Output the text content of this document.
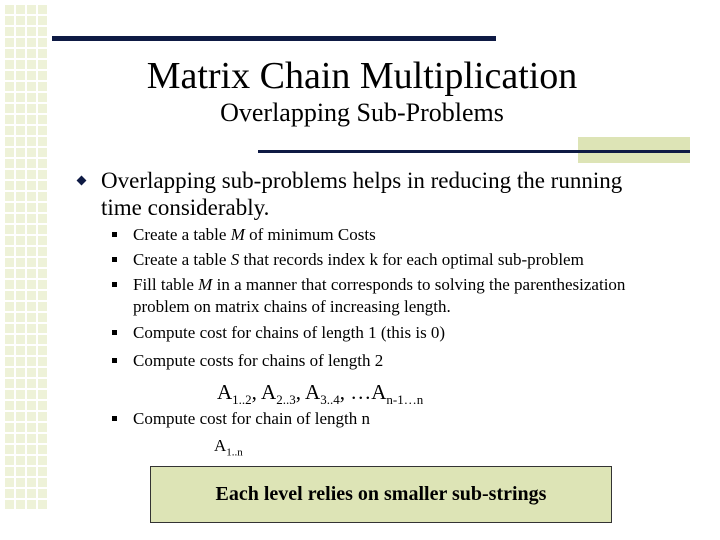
Matrix Chain Multiplication
Overlapping Sub-Problems
Overlapping sub-problems helps in reducing the running time considerably.
Create a table M of minimum Costs
Create a table S that records index k for each optimal sub-problem
Fill table M in a manner that corresponds to solving the parenthesization problem on matrix chains of increasing length.
Compute cost for chains of length 1 (this is 0)
Compute costs for chains of length 2
$A_{1..2}$, $A_{2..3}$, $A_{3..4}$, $\dots A_{n-1\dots n}$
Compute cost for chain of length n
$A_{1..n}$
Each level relies on smaller sub-strings
